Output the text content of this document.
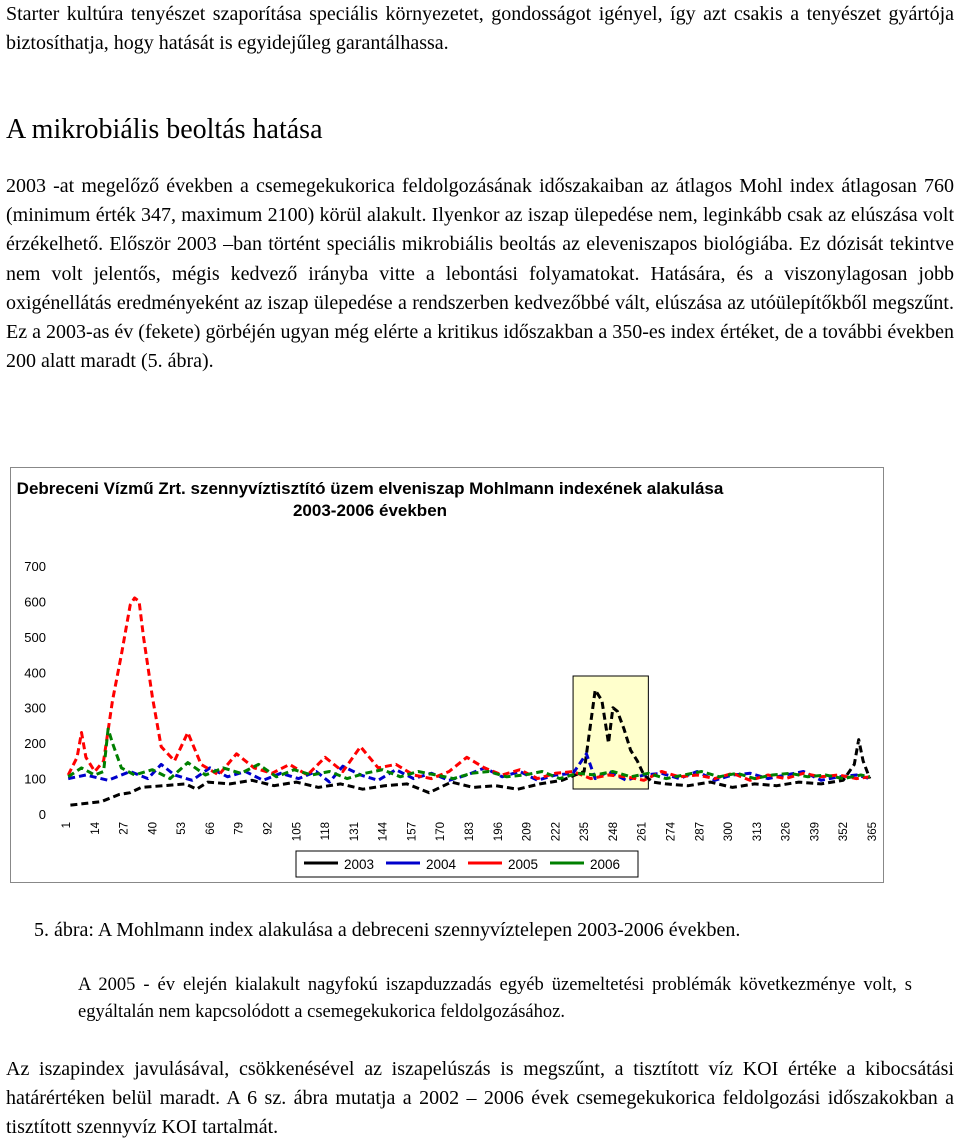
Starter kultúra tenyészet szaporítása speciális környezetet, gondosságot igényel, így azt csakis a tenyészet gyártója biztosíthatja, hogy hatását is egyidejűleg garantálhassa.
A mikrobiális beoltás hatása
2003 -at megelőző években a csemegekukorica feldolgozásának időszakaiban az átlagos Mohl index átlagosan 760 (minimum érték 347, maximum 2100) körül alakult. Ilyenkor az iszap ülepedése nem, leginkább csak az elúszása volt érzékelhető. Először 2003 –ban történt speciális mikrobiális beoltás az eleveniszapos biológiába. Ez dózisát tekintve nem volt jelentős, mégis kedvező irányba vitte a lebontási folyamatokat. Hatására, és a viszonylagosan jobb oxigénellátás eredményeként az iszap ülepedése a rendszerben kedvezőbbé vált, elúszása az utóülepítőkből megszűnt. Ez a 2003-as év (fekete) görbéjén ugyan még elérte a kritikus időszakban a 350-es index értéket, de a további években 200 alatt maradt (5. ábra).
0
100
200
300
400
500
600
700
1 14 27 40 53 66 79 92 105 118 131 144 157 170 183 196 209 222 235 248 261 274 287 300 313 326 339 352 365
2003	2004	2005	2006
Debreceni Vízmű Zrt. szennyvíztisztító üzem elveniszap Mohlmann indexének alakulása 2003-2006 években
5. ábra: A Mohlmann index alakulása a debreceni szennyvíztelepen 2003-2006 években.
A 2005 - év elején kialakult nagyfokú iszapduzzadás egyéb üzemeltetési problémák következménye volt, s egyáltalán nem kapcsolódott a csemegekukorica feldolgozásához.
Az iszapindex javulásával, csökkenésével az iszapelúszás is megszűnt, a tisztított víz KOI értéke a kibocsátási határértéken belül maradt. A 6 sz. ábra mutatja a 2002 – 2006 évek csemegekukorica feldolgozási időszakokban a tisztított szennyvíz KOI tartalmát.
